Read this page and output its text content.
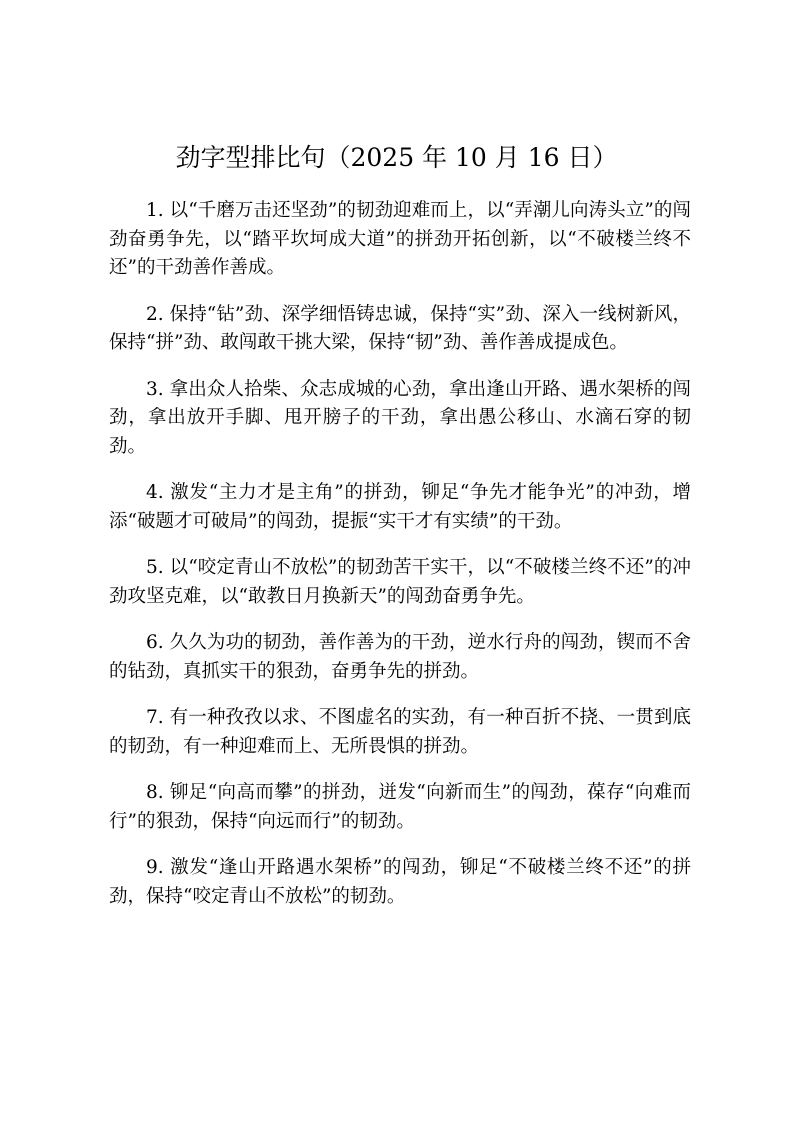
劲字型排比句（2025 年 10 月 16 日）

1. 以“千磨万击还坚劲”的韧劲迎难而上，以“弄潮儿向涛头立”的闯劲奋勇争先，以“踏平坎坷成大道”的拼劲开拓创新，以“不破楼兰终不还”的干劲善作善成。

2. 保持“钻”劲、深学细悟铸忠诚，保持“实”劲、深入一线树新风，保持“拼”劲、敢闯敢干挑大梁，保持“韧”劲、善作善成提成色。

3. 拿出众人拾柴、众志成城的心劲，拿出逢山开路、遇水架桥的闯劲，拿出放开手脚、甩开膀子的干劲，拿出愚公移山、水滴石穿的韧劲。

4. 激发“主力才是主角”的拼劲，铆足“争先才能争光”的冲劲，增添“破题才可破局”的闯劲，提振“实干才有实绩”的干劲。

5. 以“咬定青山不放松”的韧劲苦干实干，以“不破楼兰终不还”的冲劲攻坚克难，以“敢教日月换新天”的闯劲奋勇争先。

6. 久久为功的韧劲，善作善为的干劲，逆水行舟的闯劲，锲而不舍的钻劲，真抓实干的狠劲，奋勇争先的拼劲。

7. 有一种孜孜以求、不图虚名的实劲，有一种百折不挠、一贯到底的韧劲，有一种迎难而上、无所畏惧的拼劲。

8. 铆足“向高而攀”的拼劲，迸发“向新而生”的闯劲，葆存“向难而行”的狠劲，保持“向远而行”的韧劲。

9. 激发“逢山开路遇水架桥”的闯劲，铆足“不破楼兰终不还”的拼劲，保持“咬定青山不放松”的韧劲。
